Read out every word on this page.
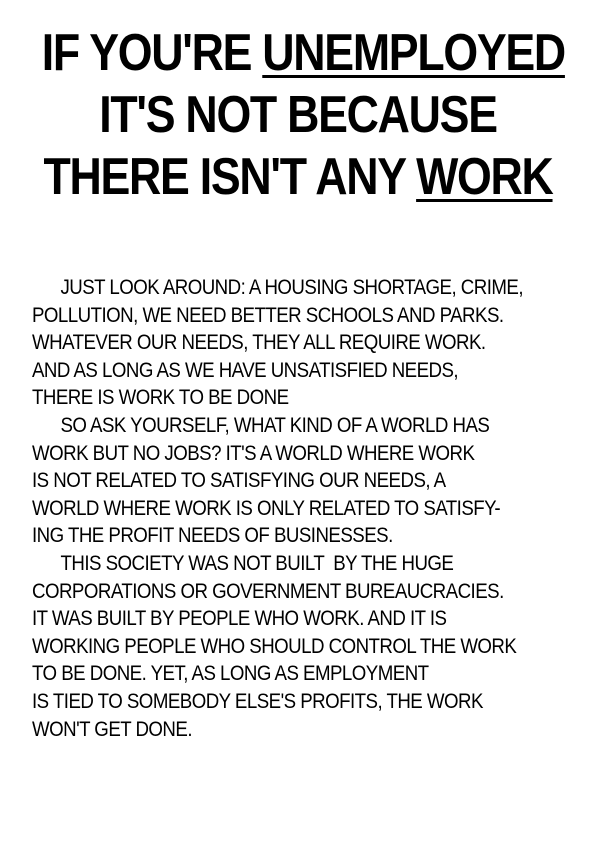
IF YOU'RE UNEMPLOYED
IT'S NOT BECAUSE
THERE ISN'T ANY WORK
JUST LOOK AROUND: A HOUSING SHORTAGE, CRIME,
POLLUTION, WE NEED BETTER SCHOOLS AND PARKS.
WHATEVER OUR NEEDS, THEY ALL REQUIRE WORK.
AND AS LONG AS WE HAVE UNSATISFIED NEEDS,
THERE IS WORK TO BE DONE
SO ASK YOURSELF, WHAT KIND OF A WORLD HAS
WORK BUT NO JOBS? IT'S A WORLD WHERE WORK
IS NOT RELATED TO SATISFYING OUR NEEDS, A
WORLD WHERE WORK IS ONLY RELATED TO SATISFY-
ING THE PROFIT NEEDS OF BUSINESSES.
THIS SOCIETY WAS NOT BUILT  BY THE HUGE
CORPORATIONS OR GOVERNMENT BUREAUCRACIES.
IT WAS BUILT BY PEOPLE WHO WORK. AND IT IS
WORKING PEOPLE WHO SHOULD CONTROL THE WORK
TO BE DONE. YET, AS LONG AS EMPLOYMENT
IS TIED TO SOMEBODY ELSE'S PROFITS, THE WORK
WON'T GET DONE.
